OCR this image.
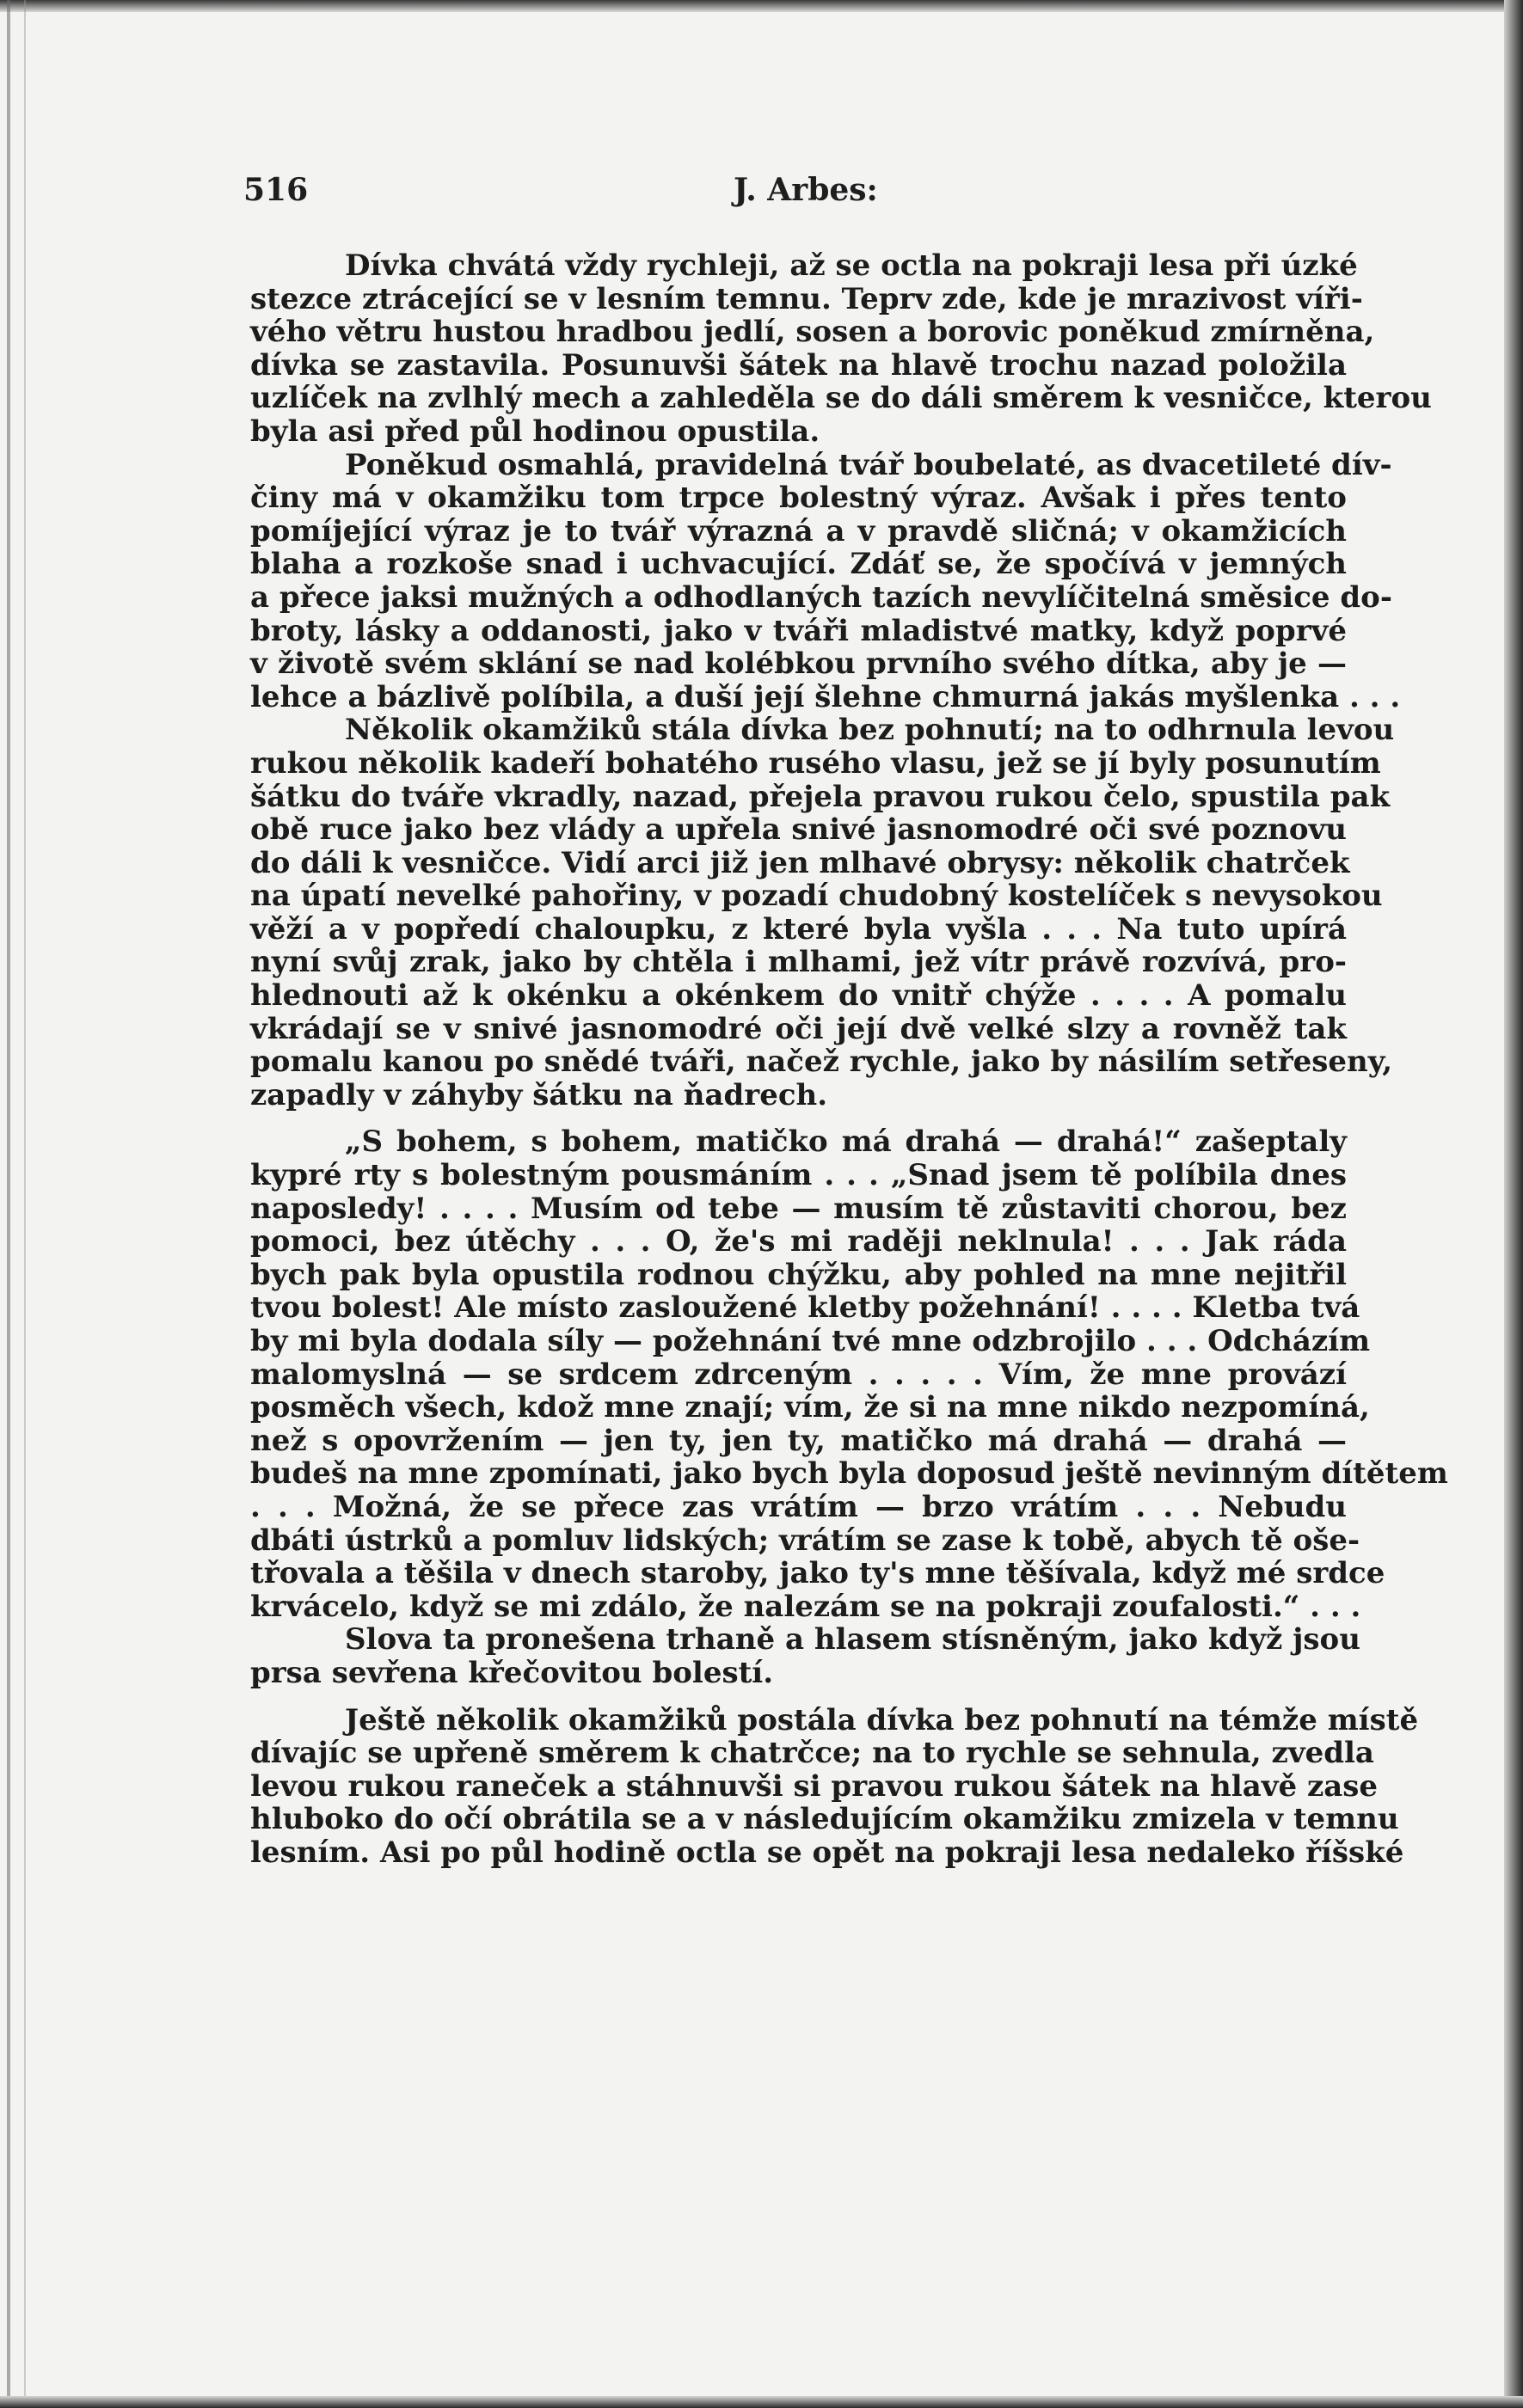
516	J. Arbes:
Dívka chvátá vždy rychleji, až se octla na pokraji lesa při úzké
stezce ztrácející se v lesním temnu. Teprv zde, kde je mrazivost víři-
vého větru hustou hradbou jedlí, sosen a borovic poněkud zmírněna,
dívka se zastavila. Posunuvši šátek na hlavě trochu nazad položila
uzlíček na zvlhlý mech a zahleděla se do dáli směrem k vesničce, kterou
byla asi před půl hodinou opustila.
Poněkud osmahlá, pravidelná tvář boubelaté, as dvacetileté dív-
činy má v okamžiku tom trpce bolestný výraz. Avšak i přes tento
pomíjející výraz je to tvář výrazná a v pravdě sličná; v okamžicích
blaha a rozkoše snad i uchvacující. Zdáť se, že spočívá v jemných
a přece jaksi mužných a odhodlaných tazích nevylíčitelná směsice do-
broty, lásky a oddanosti, jako v tváři mladistvé matky, když poprvé
v životě svém sklání se nad kolébkou prvního svého dítka, aby je —
lehce a bázlivě políbila, a duší její šlehne chmurná jakás myšlenka . . .
Několik okamžiků stála dívka bez pohnutí; na to odhrnula levou
rukou několik kadeří bohatého rusého vlasu, jež se jí byly posunutím
šátku do tváře vkradly, nazad, přejela pravou rukou čelo, spustila pak
obě ruce jako bez vlády a upřela snivé jasnomodré oči své poznovu
do dáli k vesničce. Vidí arci již jen mlhavé obrysy: několik chatrček
na úpatí nevelké pahořiny, v pozadí chudobný kostelíček s nevysokou
věží a v popředí chaloupku, z které byla vyšla . . . Na tuto upírá
nyní svůj zrak, jako by chtěla i mlhami, jež vítr právě rozvívá, pro-
hlednouti až k okénku a okénkem do vnitř chýže . . . . A pomalu
vkrádají se v snivé jasnomodré oči její dvě velké slzy a rovněž tak
pomalu kanou po snědé tváři, načež rychle, jako by násilím setřeseny,
zapadly v záhyby šátku na ňadrech.
„S bohem, s bohem, matičko má drahá — drahá!“ zašeptaly
kypré rty s bolestným pousmáním . . . „Snad jsem tě políbila dnes
naposledy! . . . . Musím od tebe — musím tě zůstaviti chorou, bez
pomoci, bez útěchy . . . O, že's mi raději neklnula! . . . Jak ráda
bych pak byla opustila rodnou chýžku, aby pohled na mne nejitřil
tvou bolest! Ale místo zasloužené kletby požehnání! . . . . Kletba tvá
by mi byla dodala síly — požehnání tvé mne odzbrojilo . . . Odcházím
malomyslná — se srdcem zdrceným . . . . . Vím, že mne provází
posměch všech, kdož mne znají; vím, že si na mne nikdo nezpomíná,
než s opovržením — jen ty, jen ty, matičko má drahá — drahá —
budeš na mne zpomínati, jako bych byla doposud ještě nevinným dítětem
. . . Možná, že se přece zas vrátím — brzo vrátím . . . Nebudu
dbáti ústrků a pomluv lidských; vrátím se zase k tobě, abych tě oše-
třovala a těšila v dnech staroby, jako ty's mne těšívala, když mé srdce
krvácelo, když se mi zdálo, že nalezám se na pokraji zoufalosti.“ . . .
Slova ta pronešena trhaně a hlasem stísněným, jako když jsou
prsa sevřena křečovitou bolestí.
Ještě několik okamžiků postála dívka bez pohnutí na témže místě
dívajíc se upřeně směrem k chatrčce; na to rychle se sehnula, zvedla
levou rukou raneček a stáhnuvši si pravou rukou šátek na hlavě zase
hluboko do očí obrátila se a v následujícím okamžiku zmizela v temnu
lesním. Asi po půl hodině octla se opět na pokraji lesa nedaleko říšské
